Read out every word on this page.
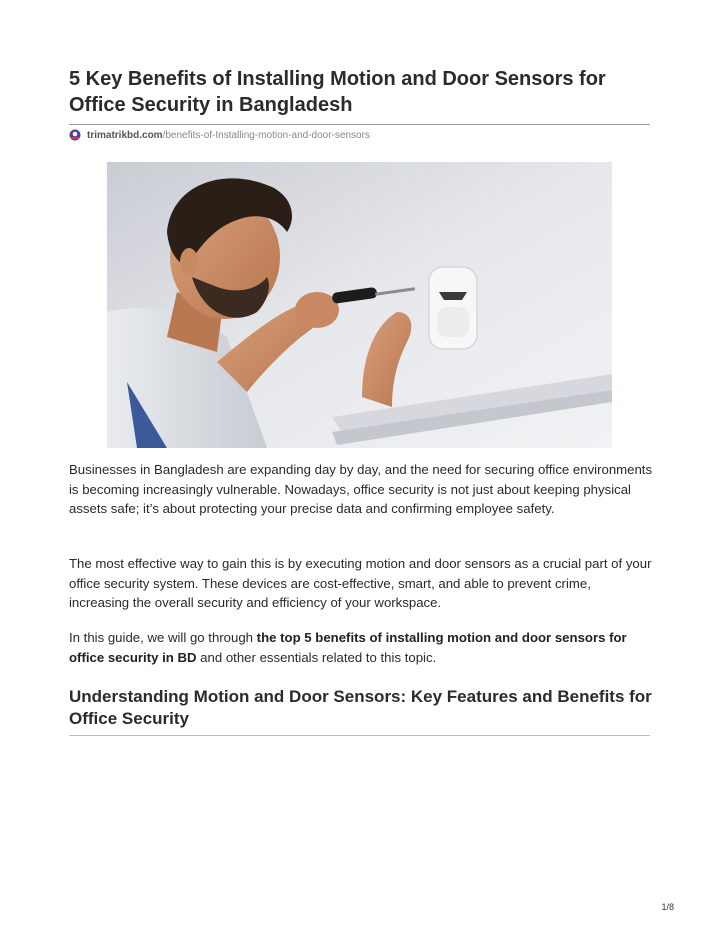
5 Key Benefits of Installing Motion and Door Sensors for Office Security in Bangladesh
trimatrikbd.com /benefits-of-Installing-motion-and-door-sensors

Businesses in Bangladesh are expanding day by day, and the need for securing office environments is becoming increasingly vulnerable. Nowadays, office security is not just about keeping physical assets safe; it’s about protecting your precise data and confirming employee safety.

The most effective way to gain this is by executing motion and door sensors as a crucial part of your office security system. These devices are cost-effective, smart, and able to prevent crime, increasing the overall security and efficiency of your workspace.

In this guide, we will go through the top 5 benefits of installing motion and door sensors for office security in BD and other essentials related to this topic.

Understanding Motion and Door Sensors: Key Features and Benefits for Office Security
1/8
